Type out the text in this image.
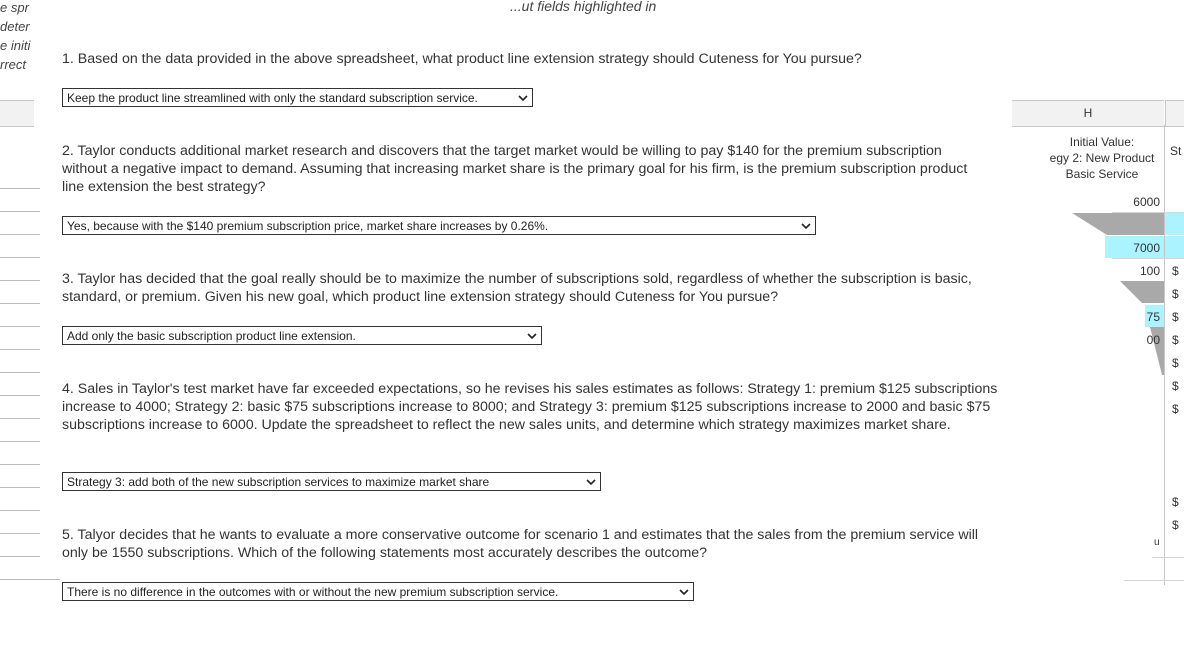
e spr
deter
e initi
rrect
...ut fields highlighted in
H
Initial Value:
egy 2: New Product
Basic Service
St
6000
7000
100 $
$
75 $
00 $
$
$
$
$
$
u
1. Based on the data provided in the above spreadsheet, what product line extension strategy should Cuteness for You pursue?
Keep the product line streamlined with only the standard subscription service.
2. Taylor conducts additional market research and discovers that the target market would be willing to pay $140 for the premium subscription without a negative impact to demand. Assuming that increasing market share is the primary goal for his firm, is the premium subscription product line extension the best strategy?
Yes, because with the $140 premium subscription price, market share increases by 0.26%.
3. Taylor has decided that the goal really should be to maximize the number of subscriptions sold, regardless of whether the subscription is basic, standard, or premium. Given his new goal, which product line extension strategy should Cuteness for You pursue?
Add only the basic subscription product line extension.
4. Sales in Taylor's test market have far exceeded expectations, so he revises his sales estimates as follows: Strategy 1: premium $125 subscriptions increase to 4000; Strategy 2: basic $75 subscriptions increase to 8000; and Strategy 3: premium $125 subscriptions increase to 2000 and basic $75 subscriptions increase to 6000. Update the spreadsheet to reflect the new sales units, and determine which strategy maximizes market share.
Strategy 3: add both of the new subscription services to maximize market share
5. Talyor decides that he wants to evaluate a more conservative outcome for scenario 1 and estimates that the sales from the premium service will only be 1550 subscriptions. Which of the following statements most accurately describes the outcome?
There is no difference in the outcomes with or without the new premium subscription service.
